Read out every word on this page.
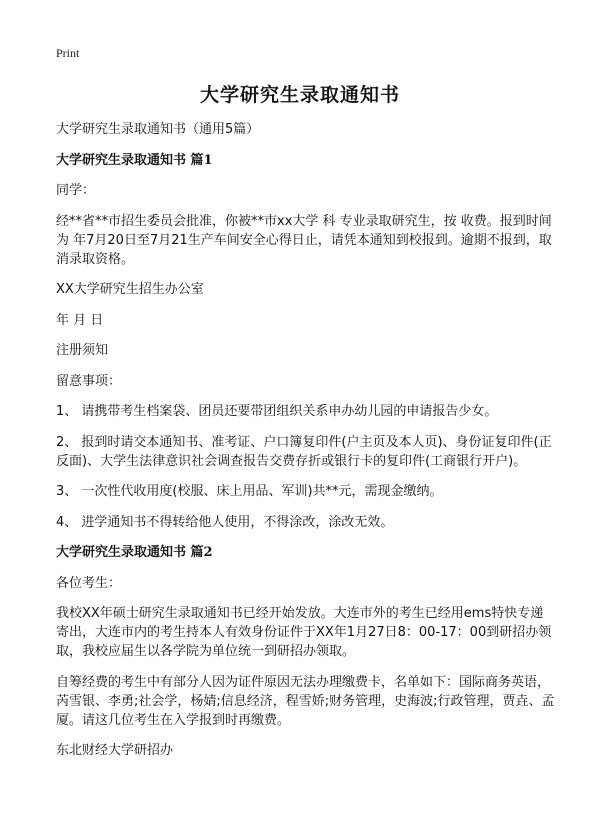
Print
大学研究生录取通知书

大学研究生录取通知书（通用5篇）

大学研究生录取通知书 篇1

同学：

经**省**市招生委员会批准，你被**市xx大学 科 专业录取研究生，按 收费。报到时间为 年7月20日至7月21生产车间安全心得日止，请凭本通知到校报到。逾期不报到，取消录取资格。

XX大学研究生招生办公室

年 月 日

注册须知

留意事项：

1、 请携带考生档案袋、团员还要带团组织关系申办幼儿园的申请报告少女。

2、 报到时请交本通知书、准考证、户口簿复印件(户主页及本人页)、身份证复印件(正反面)、大学生法律意识社会调查报告交费存折或银行卡的复印件(工商银行开户)。

3、 一次性代收用度(校服、床上用品、军训)共**元，需现金缴纳。

4、 进学通知书不得转给他人使用，不得涂改，涂改无效。

大学研究生录取通知书 篇2

各位考生：

我校XX年硕士研究生录取通知书已经开始发放。大连市外的考生已经用ems特快专递寄出，大连市内的考生持本人有效身份证件于XX年1月27日8：00-17：00到研招办领取，我校应届生以各学院为单位统一到研招办领取。

自筹经费的考生中有部分人因为证件原因无法办理缴费卡，名单如下：国际商务英语，芮雪银、李勇;社会学，杨婧;信息经济，程雪娇;财务管理，史海波;行政管理，贾垚、孟厦。请这几位考生在入学报到时再缴费。

东北财经大学研招办
